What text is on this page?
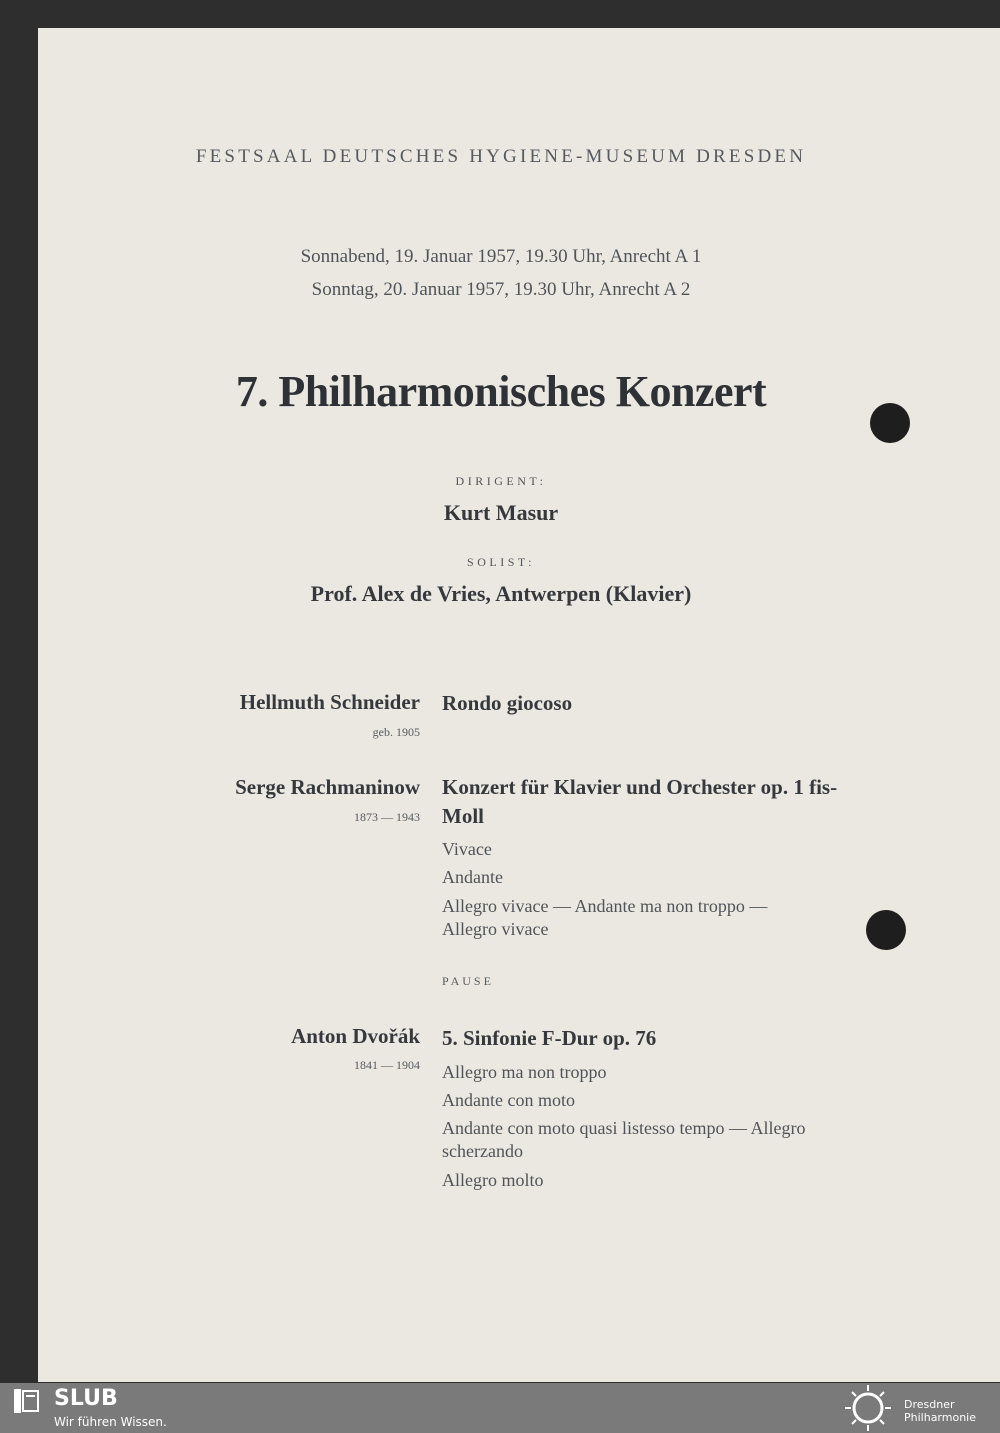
FESTSAAL DEUTSCHES HYGIENE-MUSEUM DRESDEN
Sonnabend, 19. Januar 1957, 19.30 Uhr, Anrecht A 1
Sonntag, 20. Januar 1957, 19.30 Uhr, Anrecht A 2
7. Philharmonisches Konzert
DIRIGENT:
Kurt Masur
SOLIST:
Prof. Alex de Vries, Antwerpen (Klavier)
Hellmuth Schneider
geb. 1905
Rondo giocoso
Serge Rachmaninow
1873 — 1943
Konzert für Klavier und Orchester op. 1 fis-Moll
Vivace
Andante
Allegro vivace — Andante ma non troppo — Allegro vivace
PAUSE
Anton Dvořák
1841 — 1904
5. Sinfonie F-Dur op. 76
Allegro ma non troppo
Andante con moto
Andante con moto quasi listesso tempo — Allegro scherzando
Allegro molto
SLUB
Wir führen Wissen.
Dresdner
Philharmonie
